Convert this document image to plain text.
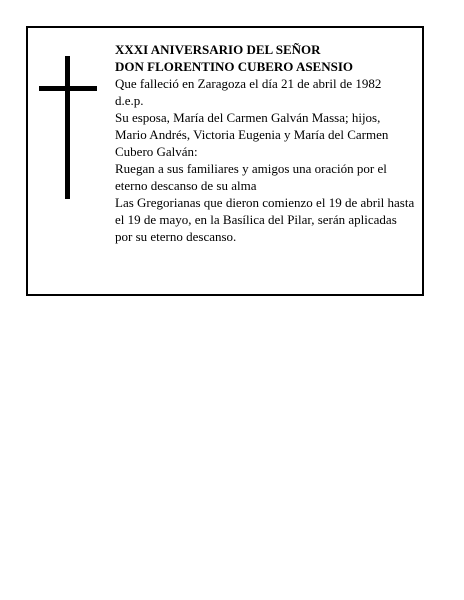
XXXI ANIVERSARIO DEL SEÑOR

DON FLORENTINO CUBERO ASENSIO

Que falleció en Zaragoza el día 21 de abril de 1982

d.e.p.

Su esposa, María del Carmen Galván Massa; hijos, Mario Andrés, Victoria Eugenia y María del Carmen Cubero Galván:

Ruegan a sus familiares y amigos una oración por el eterno descanso de su alma

Las Gregorianas que dieron comienzo el 19 de abril hasta el 19 de mayo, en la Basílica del Pilar, serán aplicadas por su eterno descanso.
